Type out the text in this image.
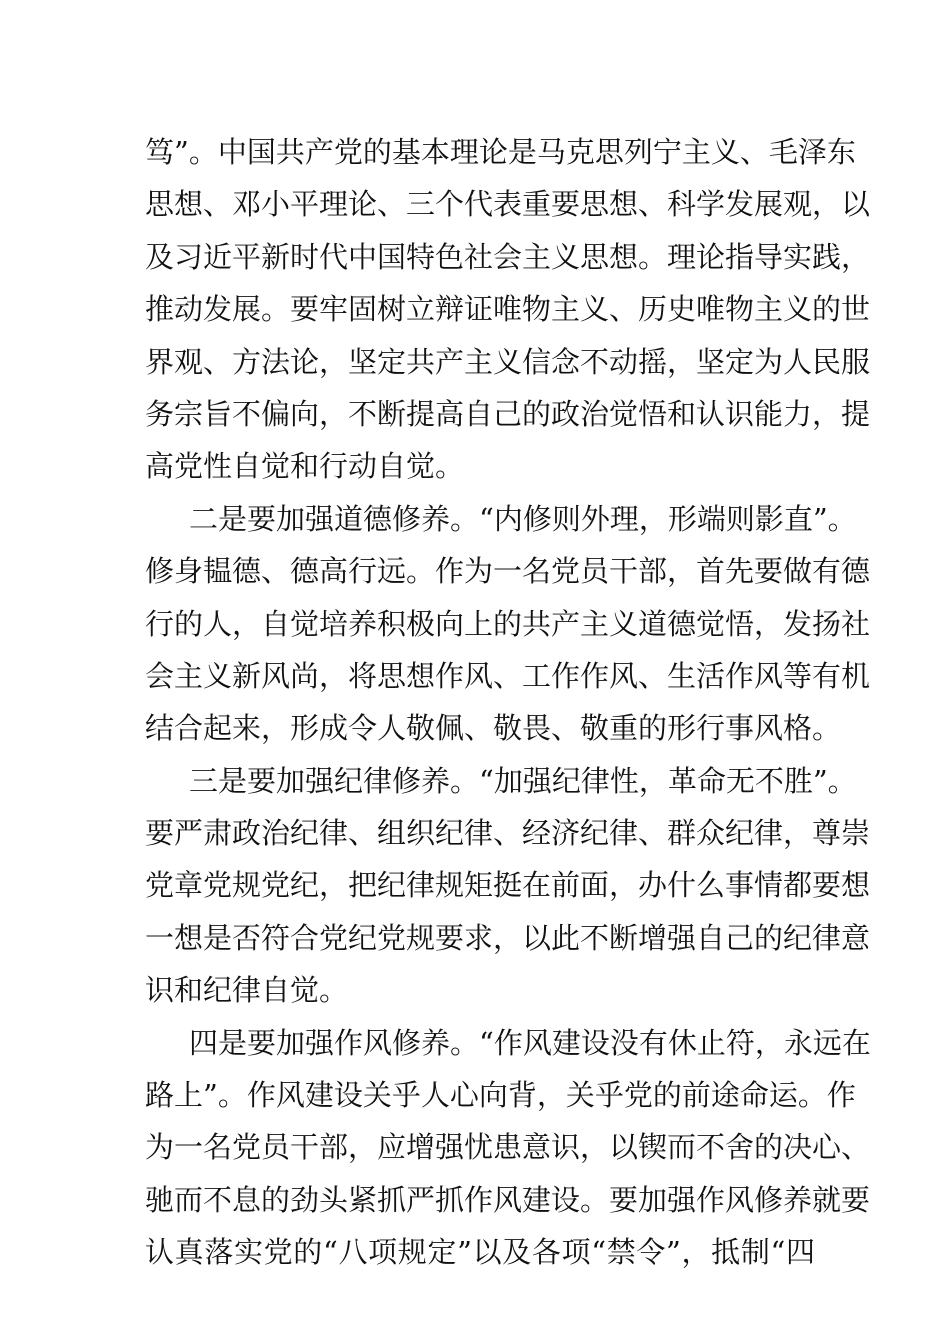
笃”。中国共产党的基本理论是马克思列宁主义、毛泽东
思想、邓小平理论、三个代表重要思想、科学发展观，以
及习近平新时代中国特色社会主义思想。理论指导实践，
推动发展。要牢固树立辩证唯物主义、历史唯物主义的世
界观、方法论，坚定共产主义信念不动摇，坚定为人民服
务宗旨不偏向，不断提高自己的政治觉悟和认识能力，提
高党性自觉和行动自觉。
二是要加强道德修养。“内修则外理，形端则影直”。
修身韫德、德高行远。作为一名党员干部，首先要做有德
行的人，自觉培养积极向上的共产主义道德觉悟，发扬社
会主义新风尚，将思想作风、工作作风、生活作风等有机
结合起来，形成令人敬佩、敬畏、敬重的形行事风格。
三是要加强纪律修养。“加强纪律性，革命无不胜”。
要严肃政治纪律、组织纪律、经济纪律、群众纪律，尊崇
党章党规党纪，把纪律规矩挺在前面，办什么事情都要想
一想是否符合党纪党规要求，以此不断增强自己的纪律意
识和纪律自觉。
四是要加强作风修养。“作风建设没有休止符，永远在
路上”。作风建设关乎人心向背，关乎党的前途命运。作
为一名党员干部，应增强忧患意识，以锲而不舍的决心、
驰而不息的劲头紧抓严抓作风建设。要加强作风修养就要
认真落实党的“八项规定”以及各项“禁令”，抵制“四
